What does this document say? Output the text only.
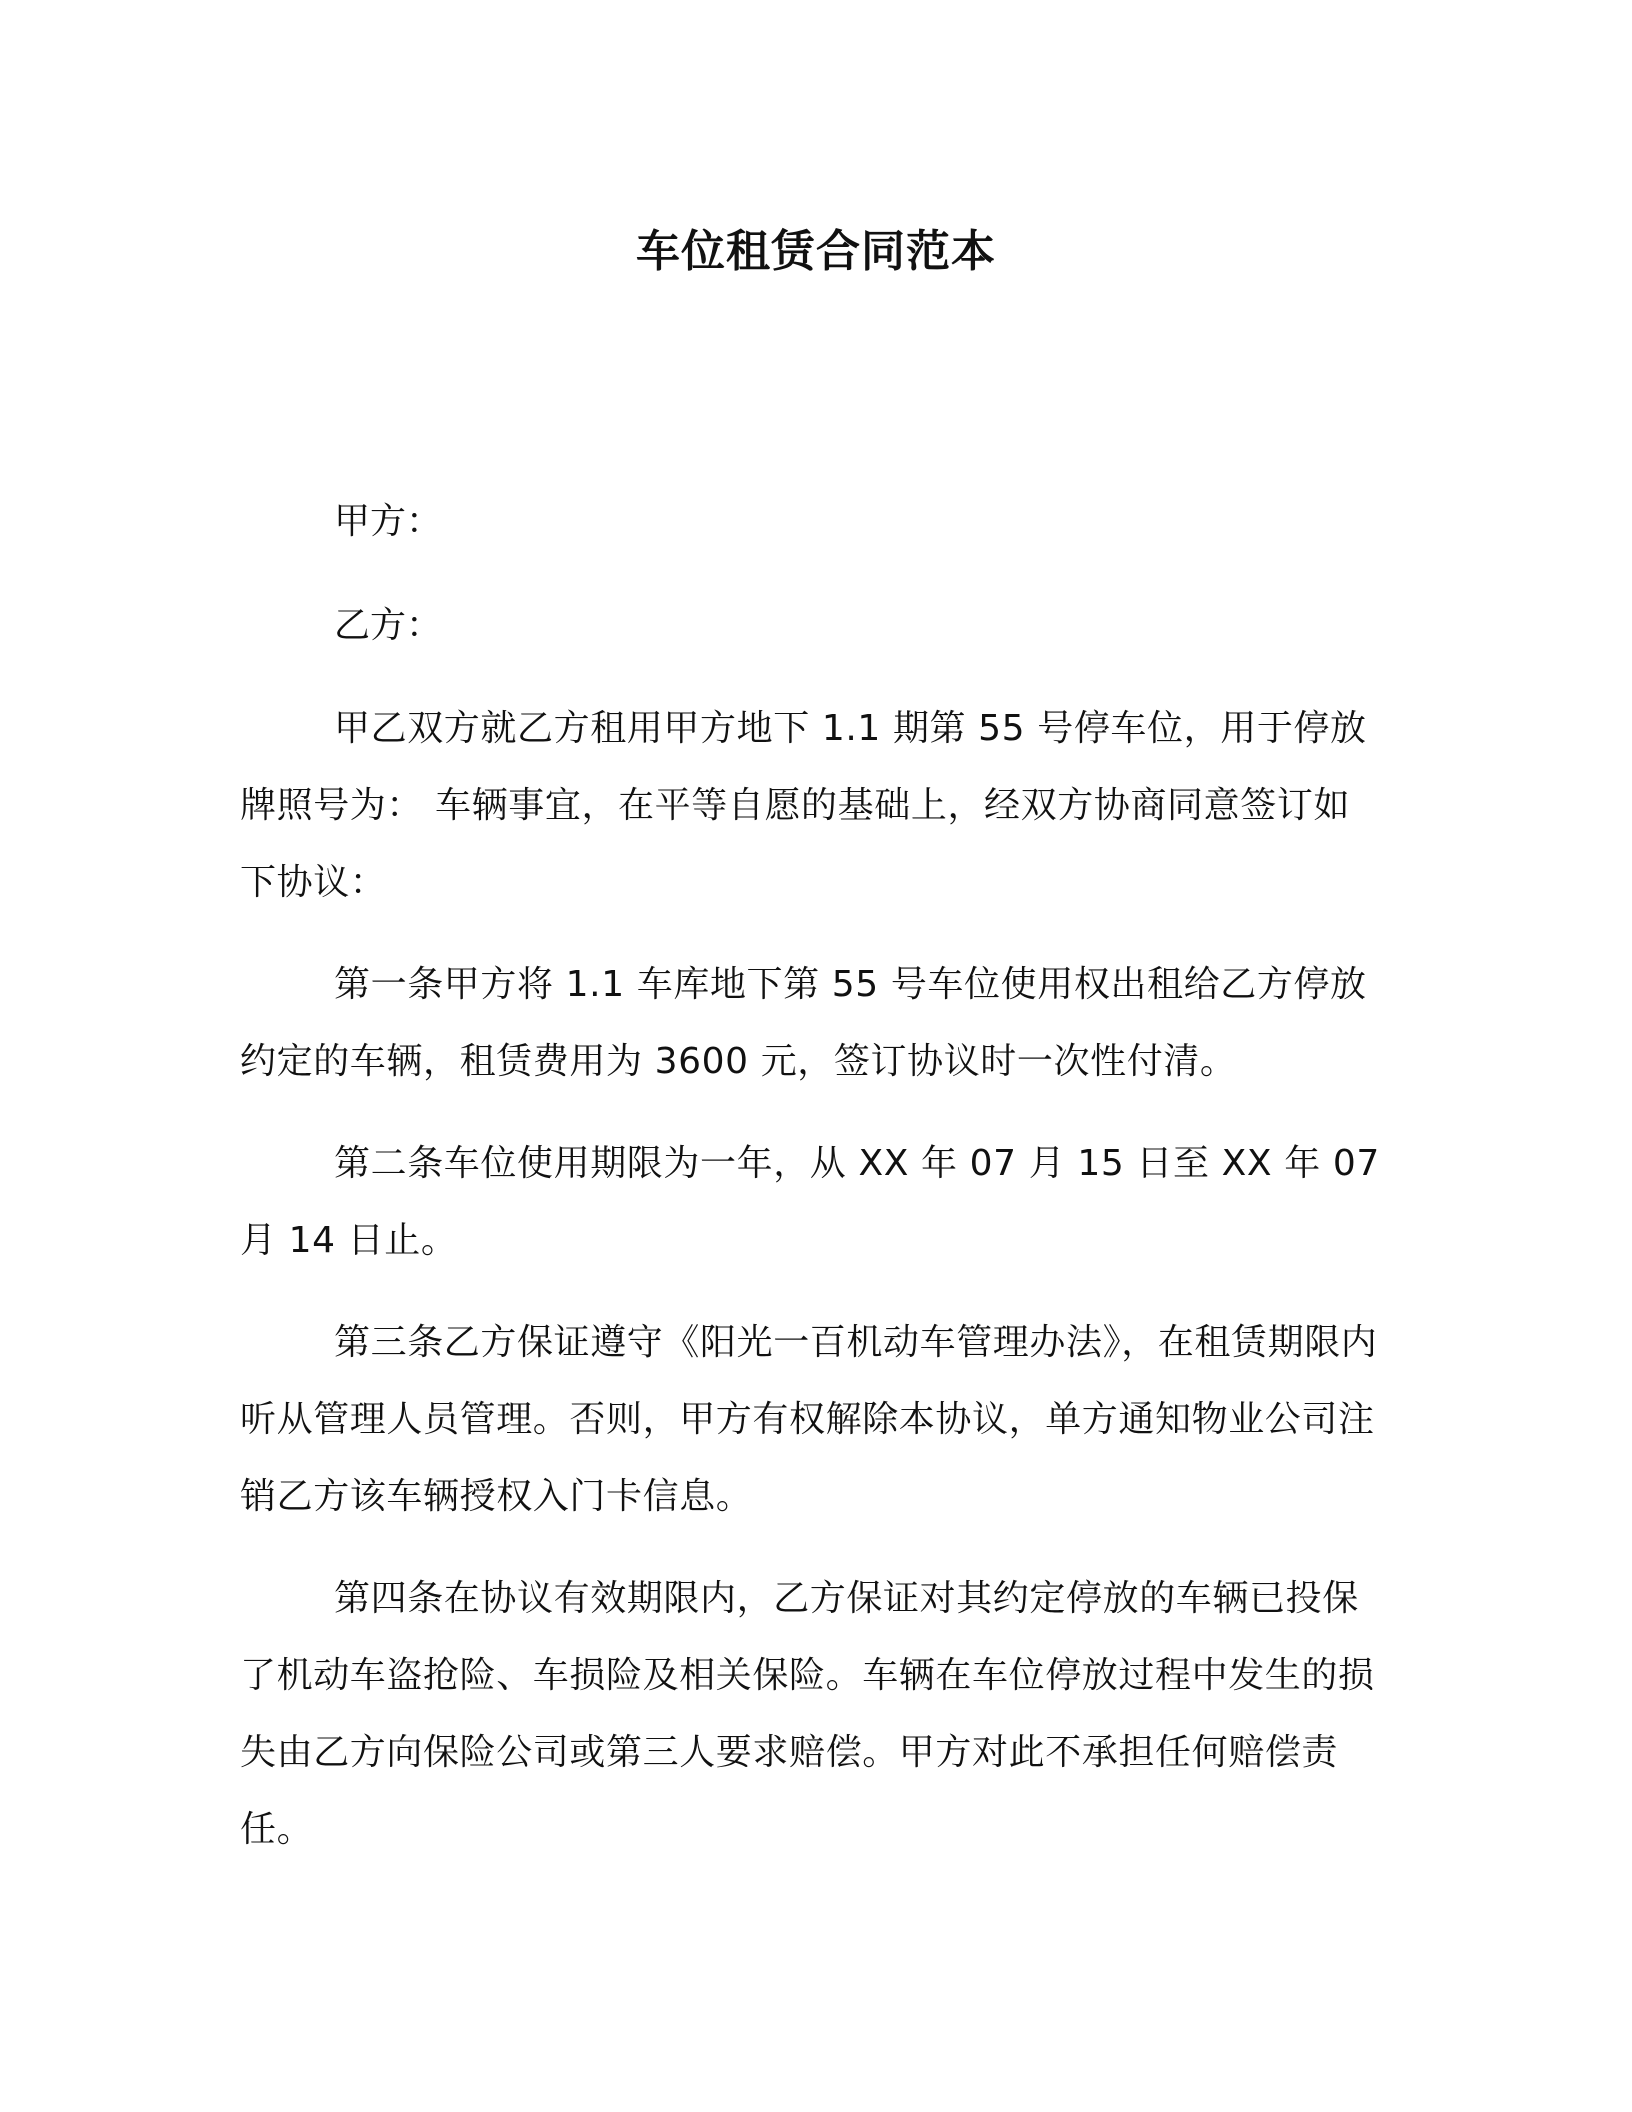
车位租赁合同范本
甲方：
乙方：

甲乙双方就乙方租用甲方地下 1.1 期第 55 号停车位，用于停放牌照号为： 车辆事宜，在平等自愿的基础上，经双方协商同意签订如下协议：

第一条甲方将 1.1 车库地下第 55 号车位使用权出租给乙方停放约定的车辆，租赁费用为 3600 元，签订协议时一次性付清。

第二条车位使用期限为一年，从 XX 年 07 月 15 日至 XX 年 07 月 14 日止。

第三条乙方保证遵守《阳光一百机动车管理办法》，在租赁期限内听从管理人员管理。否则，甲方有权解除本协议，单方通知物业公司注销乙方该车辆授权入门卡信息。

第四条在协议有效期限内，乙方保证对其约定停放的车辆已投保了机动车盗抢险、车损险及相关保险。车辆在车位停放过程中发生的损失由乙方向保险公司或第三人要求赔偿。甲方对此不承担任何赔偿责任。
